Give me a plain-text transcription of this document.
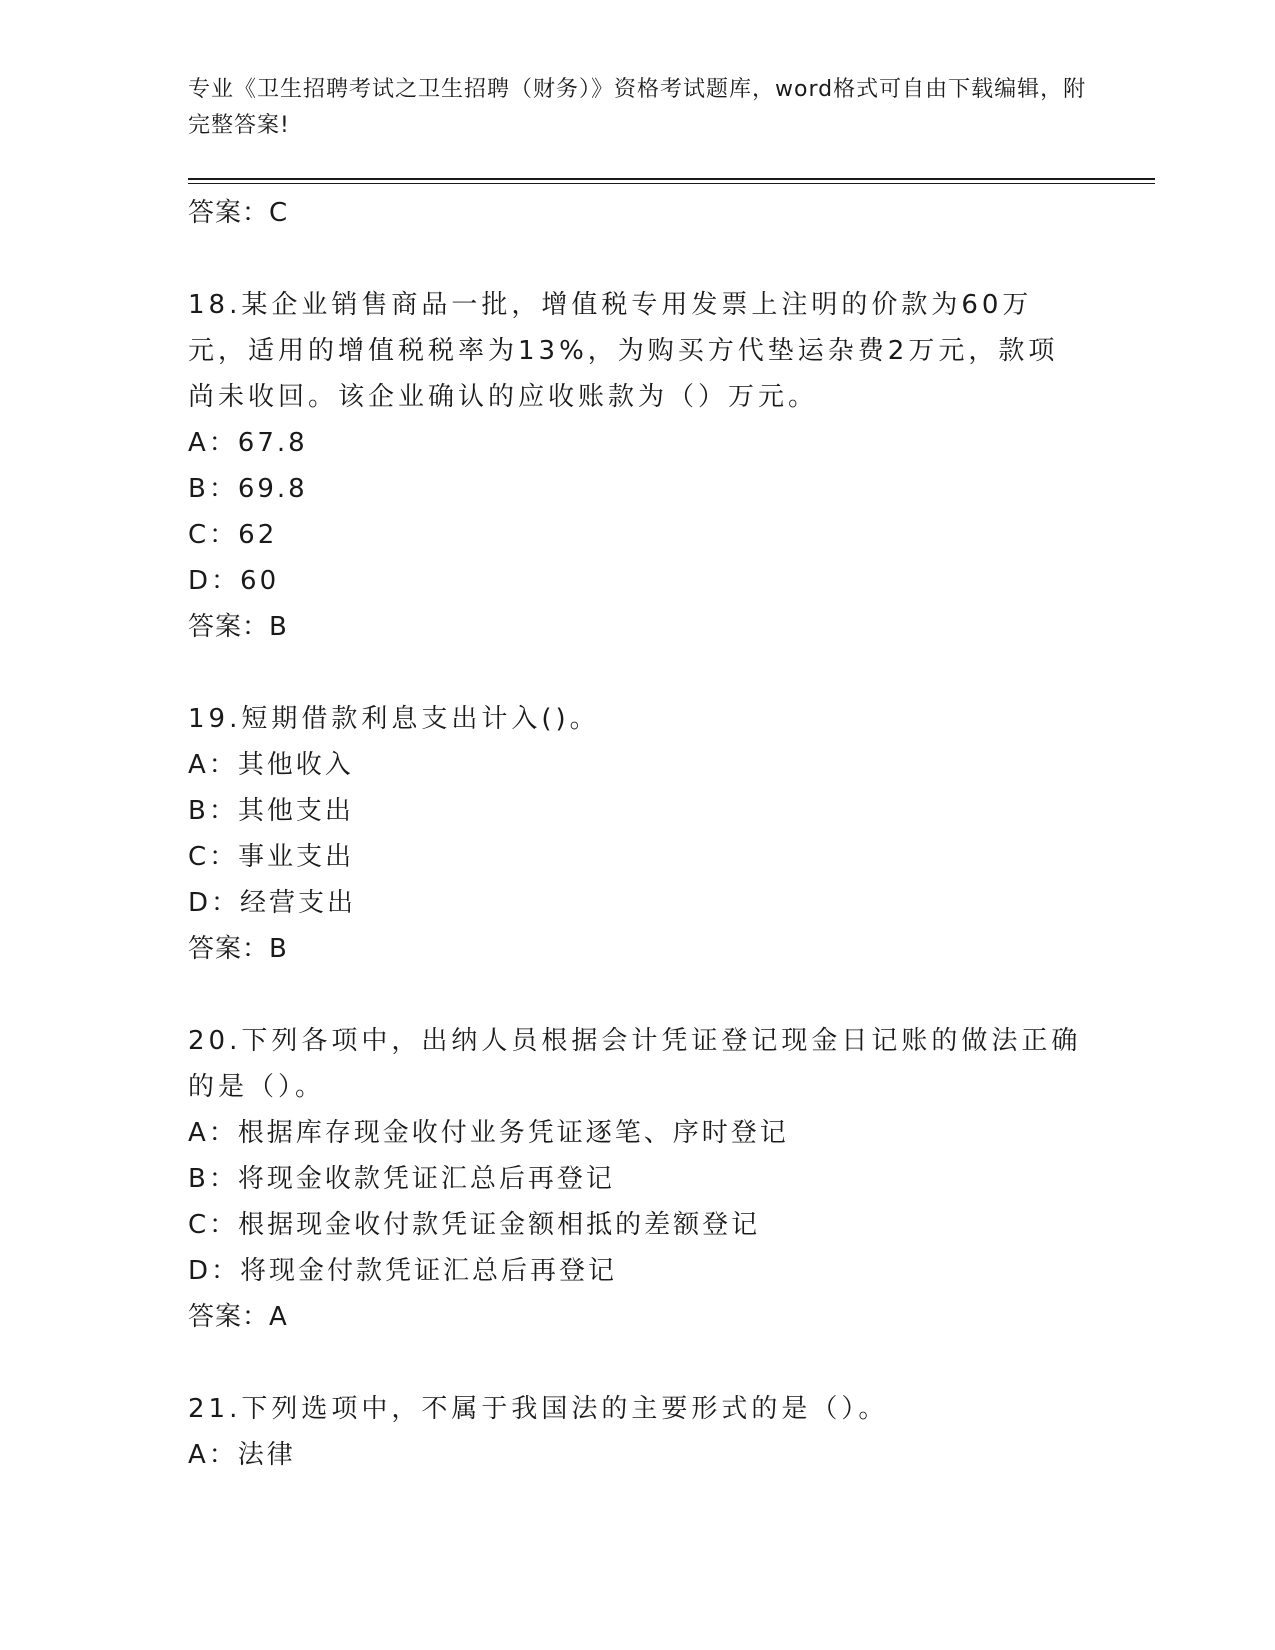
专业《卫生招聘考试之卫生招聘（财务）》资格考试题库，word格式可自由下载编辑，附完整答案!
答案：C
18.某企业销售商品一批，增值税专用发票上注明的价款为60万元，适用的增值税税率为13%，为购买方代垫运杂费2万元，款项尚未收回。该企业确认的应收账款为（）万元。
A：67.8
B：69.8
C：62
D：60
答案：B
19.短期借款利息支出计入()。
A：其他收入
B：其他支出
C：事业支出
D：经营支出
答案：B
20.下列各项中，出纳人员根据会计凭证登记现金日记账的做法正确的是（）。
A：根据库存现金收付业务凭证逐笔、序时登记
B：将现金收款凭证汇总后再登记
C：根据现金收付款凭证金额相抵的差额登记
D：将现金付款凭证汇总后再登记
答案：A
21.下列选项中，不属于我国法的主要形式的是（）。
A：法律
